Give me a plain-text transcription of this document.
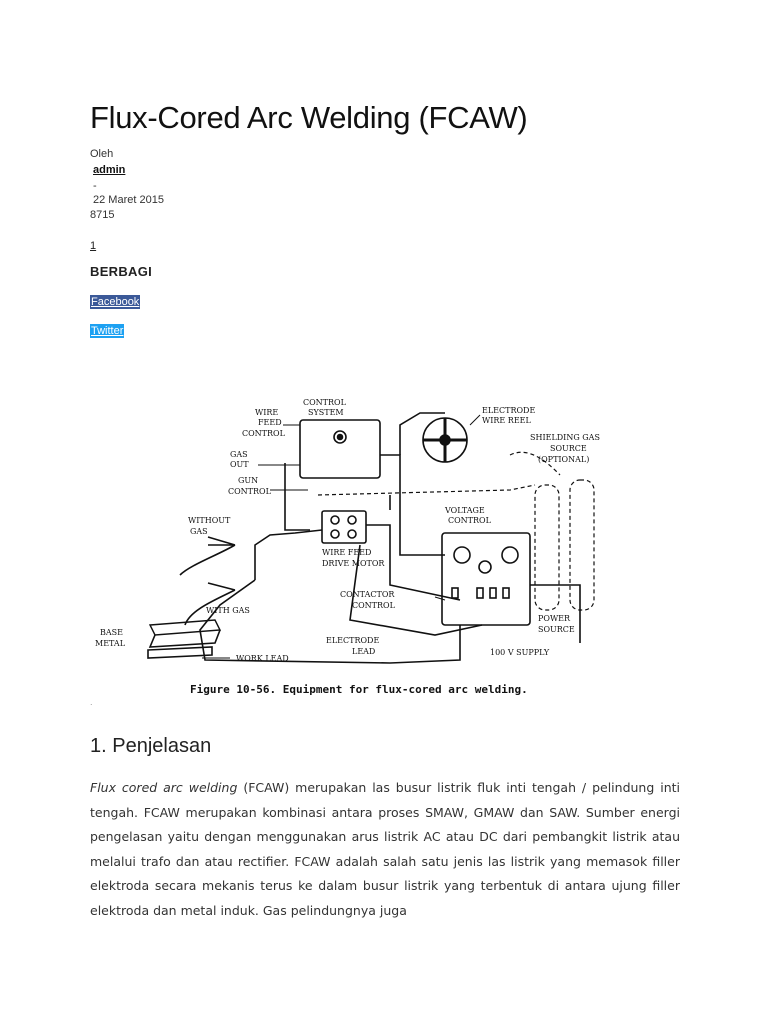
Flux-Cored Arc Welding (FCAW)
Oleh
admin
-
22 Maret 2015
8715
1
BERBAGI
Facebook
Twitter
WIRE
FEED
CONTROL
CONTROL
SYSTEM	ELECTRODE
WIRE REEL
SHIELDING GAS
SOURCE
(OPTIONAL)
GAS
OUT
GUN
CONTROL
WITHOUT
GAS
VOLTAGE
CONTROL
WIRE FEED
DRIVE MOTOR
WITH GAS
CONTACTOR
CONTROL
POWER
SOURCE
BASE
METAL	ELECTRODE
LEAD
WORK LEAD
100 V SUPPLY
Figure 10-56. Equipment for flux-cored arc welding.
.
1. Penjelasan

Flux cored arc welding (FCAW) merupakan las busur listrik fluk inti tengah / pelindung inti tengah. FCAW merupakan kombinasi antara proses SMAW, GMAW dan SAW. Sumber energi pengelasan yaitu dengan menggunakan arus listrik AC atau DC dari pembangkit listrik atau melalui trafo dan atau rectifier. FCAW adalah salah satu jenis las listrik yang memasok filler elektroda secara mekanis terus ke dalam busur listrik yang terbentuk di antara ujung filler elektroda dan metal induk. Gas pelindungnya juga
